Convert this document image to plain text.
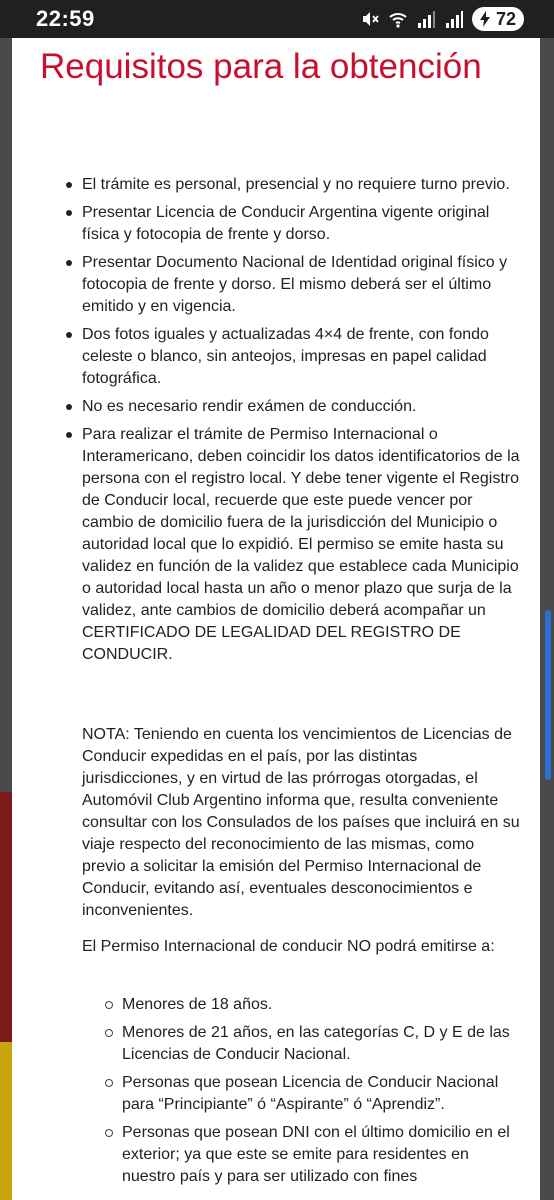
22:59	72
Requisitos para la obtención
El trámite es personal, presencial y no requiere turno previo.
Presentar Licencia de Conducir Argentina vigente original física y fotocopia de frente y dorso.
Presentar Documento Nacional de Identidad original físico y fotocopia de frente y dorso. El mismo deberá ser el último emitido y en vigencia.
Dos fotos iguales y actualizadas 4×4 de frente, con fondo celeste o blanco, sin anteojos, impresas en papel calidad fotográfica.
No es necesario rendir exámen de conducción.
Para realizar el trámite de Permiso Internacional o Interamericano, deben coincidir los datos identificatorios de la persona con el registro local. Y debe tener vigente el Registro de Conducir local, recuerde que este puede vencer por cambio de domicilio fuera de la jurisdicción del Municipio o autoridad local que lo expidió. El permiso se emite hasta su validez en función de la validez que establece cada Municipio o autoridad local hasta un año o menor plazo que surja de la validez, ante cambios de domicilio deberá acompañar un CERTIFICADO DE LEGALIDAD DEL REGISTRO DE CONDUCIR.

NOTA: Teniendo en cuenta los vencimientos de Licencias de Conducir expedidas en el país, por las distintas jurisdicciones, y en virtud de las prórrogas otorgadas, el Automóvil Club Argentino informa que, resulta conveniente consultar con los Consulados de los países que incluirá en su viaje respecto del reconocimiento de las mismas, como previo a solicitar la emisión del Permiso Internacional de Conducir, evitando así, eventuales desconocimientos e inconvenientes.

El Permiso Internacional de conducir NO podrá emitirse a:

Menores de 18 años.
Menores de 21 años, en las categorías C, D y E de las Licencias de Conducir Nacional.
Personas que posean Licencia de Conducir Nacional para “Principiante” ó “Aspirante” ó “Aprendiz”.
Personas que posean DNI con el último domicilio en el exterior; ya que este se emite para residentes en nuestro país y para ser utilizado con fines
